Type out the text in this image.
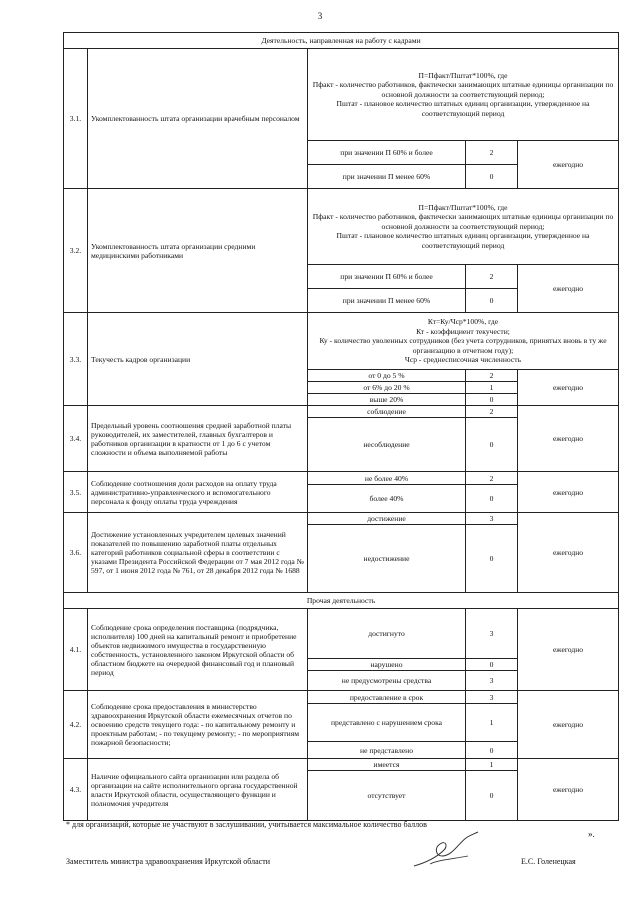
3
Деятельность, направленная на работу с кадрами				
3.1.	Укомплектованность штата организации врачебным персоналом	П=Пфакт/Пштат*100%, где
Пфакт - количество работников, фактически занимающих штатные единицы организации по основной должности за соответствующий период;
Пштат - плановое количество штатных единиц организации, утвержденное на соответствующий период		

		при значении П 60% и более	2	ежегодно
		при значении П менее 60%	0	
3.2.	Укомплектованность штата организации средними медицинскими работниками	П=Пфакт/Пштат*100%, где
Пфакт - количество работников, фактически занимающих штатные единицы организации по основной должности за соответствующий период;
Пштат - плановое количество штатных единиц организации, утвержденное на соответствующий период		

		при значении П 60% и более	2	ежегодно
		при значении П менее 60%	0	
3.3.	Текучесть кадров организации	Кт=Ку/Чср*100%, где
Кт - коэффициент текучести;
Ку - количество уволенных сотрудников (без учета сотрудников, принятых вновь в ту же организацию в отчетном году);
Чср - среднесписочная численность		

		от 0 до 5 %	2	ежегодно
		от 6% до 20 %	1	
		выше 20%	0	
3.4.	Предельный уровень соотношения средней заработной платы руководителей, их заместителей, главных бухгалтеров и работников организации в кратности от 1 до 6 с учетом сложности и объема выполняемой работы	соблюдение	2	ежегодно
		несоблюдение	0	
3.5.	Соблюдение соотношения доли расходов на оплату труда административно-управленческого и вспомогательного персонала к фонду оплаты труда учреждения	не более 40%	2	ежегодно
		более 40%	0	
3.6.	Достижение установленных учредителем целевых значений показателей по повышению заработной платы отдельных категорий работников социальной сферы в соответствии с указами Президента Российской Федерации от 7 мая 2012 года № 597, от 1 июня 2012 года № 761, от 28 декабря 2012 года № 1688	достижение	3	ежегодно
		недостижение	0	
Прочая деятельность				
4.1.	Соблюдение срока определения поставщика (подрядчика, исполнителя) 100 дней на капитальный ремонт и приобретение объектов недвижимого имущества в государственную собственность, установленного законом Иркутской области об областном бюджете на очередной финансовый год и плановый период	достигнуто	3	ежегодно
		нарушено	0	
		не предусмотрены средства	3	
4.2.	Соблюдение срока предоставления в министерство здравоохранения Иркутской области ежемесячных отчетов по освоению средств текущего года: - по капитальному ремонту и проектным работам; - по текущему ремонту; - по мероприятиям пожарной безопасности;	предоставление в срок	3	ежегодно
		представлено с нарушением срока	1	
		не представлено	0	
4.3.	Наличие официального сайта организации или раздела об организации на сайте исполнительного органа государственной власти Иркутской области, осуществляющего функции и полномочия учредителя	имеется	1	ежегодно
		отсутствует	0	
* для организаций, которые не участвуют в заслушивании, учитывается максимальное количество баллов
».
Заместитель министра здравоохранения Иркутской области	Е.С. Голенецкая
